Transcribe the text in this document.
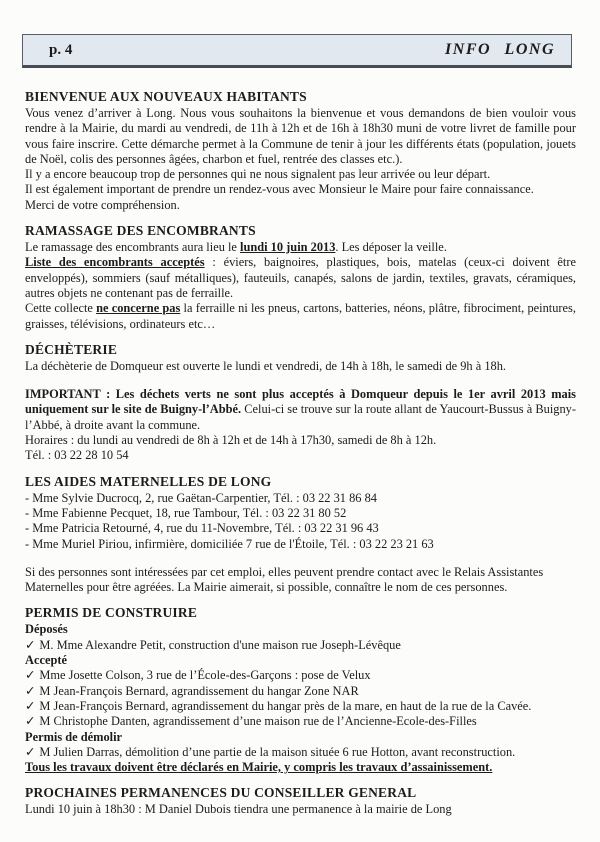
p. 4	INFO LONG
BIENVENUE AUX NOUVEAUX HABITANTS

Vous venez d’arriver à Long. Nous vous souhaitons la bienvenue et vous demandons de bien vouloir vous rendre à la Mairie, du mardi au vendredi, de 11h à 12h et de 16h à 18h30 muni de votre livret de famille pour vous faire inscrire. Cette démarche permet à la Commune de tenir à jour les différents états (population, jouets de Noël, colis des personnes âgées, charbon et fuel, rentrée des classes etc.).

Il y a encore beaucoup trop de personnes qui ne nous signalent pas leur arrivée ou leur départ.

Il est également important de prendre un rendez-vous avec Monsieur le Maire pour faire connaissance.

Merci de votre compréhension.

RAMASSAGE DES ENCOMBRANTS

Le ramassage des encombrants aura lieu le lundi 10 juin 2013. Les déposer la veille.

Liste des encombrants acceptés : éviers, baignoires, plastiques, bois, matelas (ceux-ci doivent être enveloppés), sommiers (sauf métalliques), fauteuils, canapés, salons de jardin, textiles, gravats, céramiques, autres objets ne contenant pas de ferraille.

Cette collecte ne concerne pas la ferraille ni les pneus, cartons, batteries, néons, plâtre, fibrociment, peintures, graisses, télévisions, ordinateurs etc…

DÉCHÈTERIE

La déchèterie de Domqueur est ouverte le lundi et vendredi, de 14h à 18h, le samedi de 9h à 18h.

IMPORTANT : Les déchets verts ne sont plus acceptés à Domqueur depuis le 1er avril 2013 mais uniquement sur le site de Buigny-l’Abbé. Celui-ci se trouve sur la route allant de Yaucourt-Bussus à Buigny-l’Abbé, à droite avant la commune.

Horaires : du lundi au vendredi de 8h à 12h et de 14h à 17h30, samedi de 8h à 12h.

Tél. : 03 22 28 10 54

LES AIDES MATERNELLES DE LONG

- Mme Sylvie Ducrocq, 2, rue Gaëtan-Carpentier, Tél. : 03 22 31 86 84

- Mme Fabienne Pecquet, 18, rue Tambour, Tél. : 03 22 31 80 52

- Mme Patricia Retourné, 4, rue du 11-Novembre, Tél. : 03 22 31 96 43

- Mme Muriel Piriou, infirmière, domiciliée 7 rue de l'Étoile, Tél. : 03 22 23 21 63

Si des personnes sont intéressées par cet emploi, elles peuvent prendre contact avec le Relais Assistantes Maternelles pour être agréées. La Mairie aimerait, si possible, connaître le nom de ces personnes.

PERMIS DE CONSTRUIRE

Déposés

✓ M. Mme Alexandre Petit, construction d'une maison rue Joseph-Lévêque

Accepté

✓ Mme Josette Colson, 3 rue de l’École-des-Garçons : pose de Velux

✓ M Jean-François Bernard, agrandissement du hangar Zone NAR

✓ M Jean-François Bernard, agrandissement du hangar près de la mare, en haut de la rue de la Cavée.

✓ M Christophe Danten, agrandissement d’une maison rue de l’Ancienne-Ecole-des-Filles

Permis de démolir

✓ M Julien Darras, démolition d’une partie de la maison située 6 rue Hotton, avant reconstruction.

Tous les travaux doivent être déclarés en Mairie, y compris les travaux d’assainissement.

PROCHAINES PERMANENCES DU CONSEILLER GENERAL

Lundi 10 juin à 18h30 : M Daniel Dubois tiendra une permanence à la mairie de Long
